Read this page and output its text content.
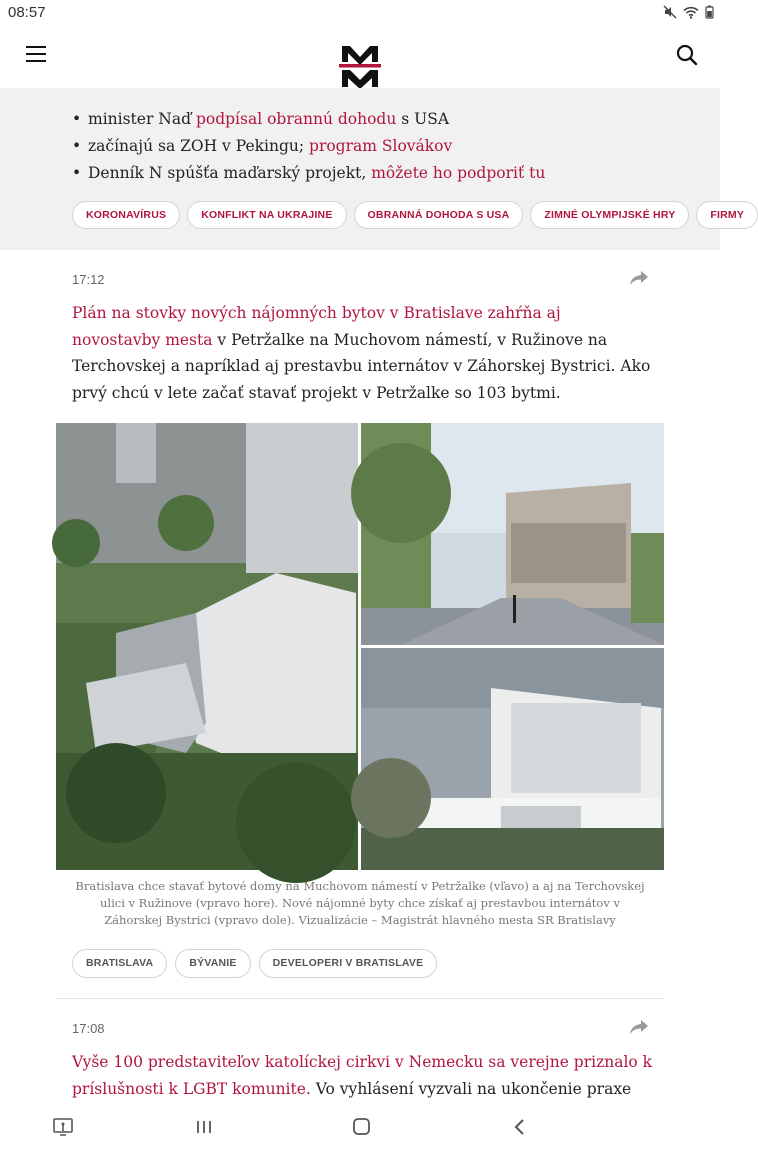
08:57
• minister Naď podpísal obrannú dohodu s USA
• začínajú sa ZOH v Pekingu; program Slovákov
• Denník N spúšťa maďarský projekt, môžete ho podporiť tu
KORONAVÍRUS	KONFLIKT NA UKRAJINE	OBRANNÁ DOHODA S USA	ZIMNÉ OLYMPIJSKÉ HRY	FIRMY
17:12
Plán na stovky nových nájomných bytov v Bratislave zahŕňa aj novostavby mesta v Petržalke na Muchovom námestí, v Ružinove na Terchovskej a napríklad aj prestavbu internátov v Záhorskej Bystrici. Ako prvý chcú v lete začať stavať projekt v Petržalke so 103 bytmi.
Bratislava chce stavať bytové domy na Muchovom námestí v Petržalke (vľavo) a aj na Terchovskej ulici v Ružinove (vpravo hore). Nové nájomné byty chce získať aj prestavbou internátov v Záhorskej Bystrici (vpravo dole). Vizualizácie – Magistrát hlavného mesta SR Bratislavy
BRATISLAVA	BÝVANIE	DEVELOPERI V BRATISLAVE
17:08
Vyše 100 predstaviteľov katolíckej cirkvi v Nemecku sa verejne priznalo k príslušnosti k LGBT komunite. Vo vyhlásení vyzvali na ukončenie praxe
